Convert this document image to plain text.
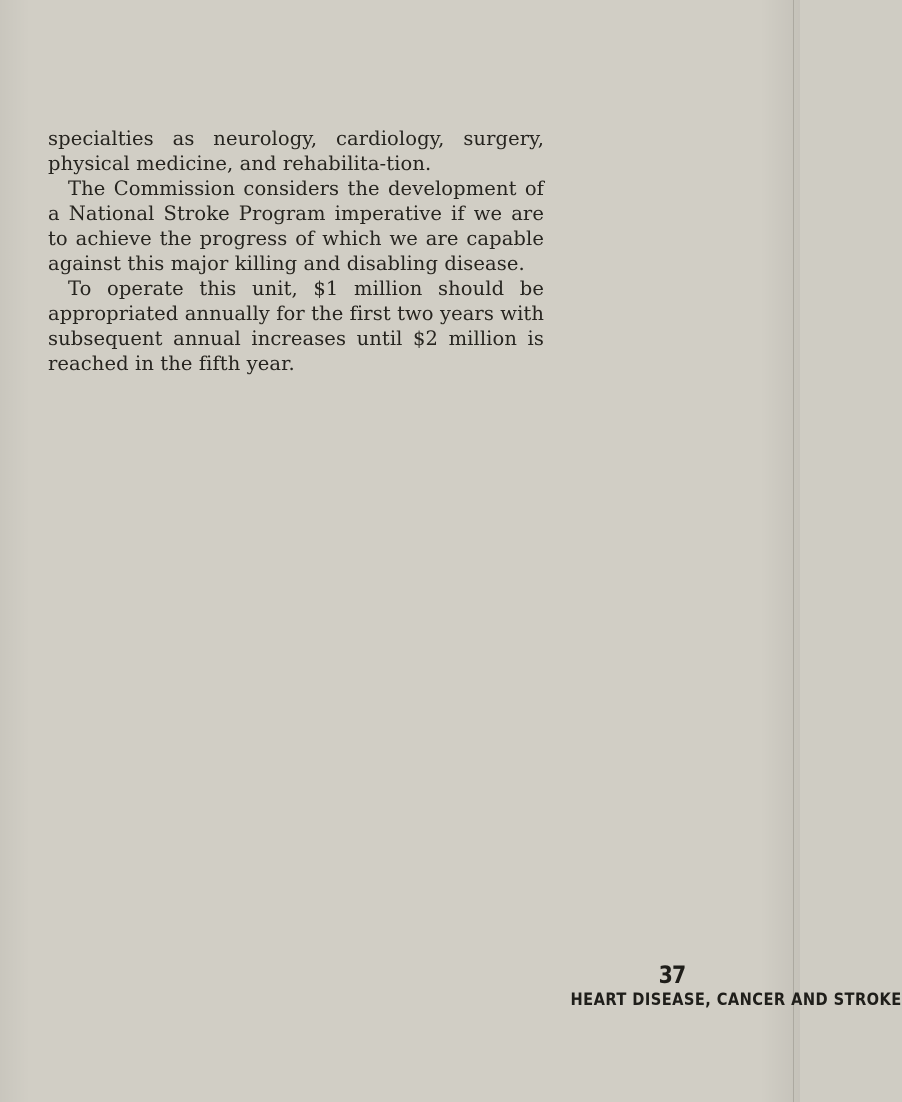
specialties as neurology, cardiology, surgery, physical medicine, and rehabilita-tion.

The Commission considers the development of a National Stroke Program imperative if we are to achieve the progress of which we are capable against this major killing and disabling disease.

To operate this unit, $1 million should be appropriated annually for the first two years with subsequent annual increases until $2 million is reached in the fifth year.

37
HEART DISEASE, CANCER AND STROKE
